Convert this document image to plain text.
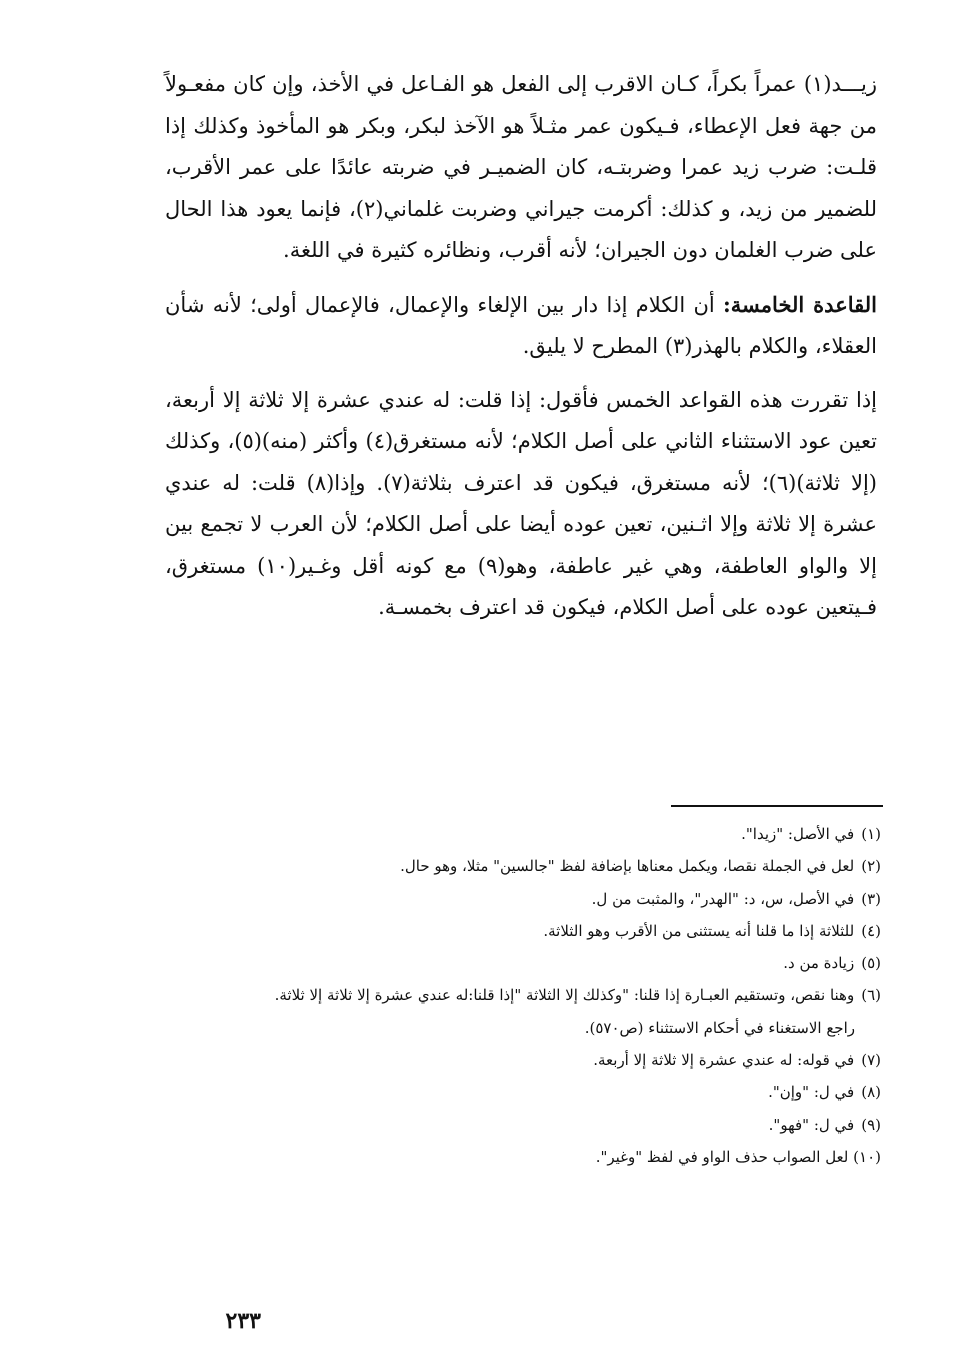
زيـــد(١) عمراً بكراً، كـان الاقرب إلى الفعل هو الفـاعل في الأخذ، وإن كان مفعـولاً من جهة فعل الإعطاء، فـيكون عمر مثـلاً هو الآخذ لبكر، وبكر هو المأخوذ وكذلك إذا قلـت: ضرب زيد عمرا وضربتـه، كان الضميـر في ضربته عائدًا على عمر الأقرب، للضمير من زيد، و كذلك: أكرمت جيراني وضربت غلماني(٢)، فإنما يعود هذا الحال على ضرب الغلمان دون الجيران؛ لأنه أقرب، ونظائره كثيرة في اللغة.

القاعدة الخامسة: أن الكلام إذا دار بين الإلغاء والإعمال، فالإعمال أولى؛ لأنه شأن العقلاء، والكلام بالهذر(٣) المطرح لا يليق.

إذا تقررت هذه القواعد الخمس فأقول: إذا قلت: له عندي عشرة إلا ثلاثة إلا أربعة، تعين عود الاستثناء الثاني على أصل الكلام؛ لأنه مستغرق(٤) وأكثر (منه)(٥)، وكذلك (إلا ثلاثة)(٦)؛ لأنه مستغرق، فيكون قد اعترف بثلاثة(٧). وإذا(٨) قلت: له عندي عشرة إلا ثلاثة وإلا اثـنين، تعين عوده أيضا على أصل الكلام؛ لأن العرب لا تجمع بين إلا والواو العاطفة، وهي غير عاطفة، وهو(٩) مع كونه أقل وغـير(١٠) مستغرق، فـيتعين عوده على أصل الكلام، فيكون قد اعترف بخمسـة.

(١) في الأصل: "زيدا".
(٢) لعل في الجملة نقصا، ويكمل معناها بإضافة لفظ "جالسين" مثلا، وهو حال.
(٣) في الأصل، س، د: "الهدر"، والمثبت من ل.
(٤) للثلاثة إذا ما قلنا أنه يستثنى من الأقرب وهو الثلاثة.
(٥) زيادة من د.
(٦) وهنا نقص، وتستقيم العبـارة إذا قلنا: "وكذلك إلا الثلاثة "إذا قلنا:له عندي عشرة إلا ثلاثة إلا ثلاثة.
راجع الاستغناء في أحكام الاستثناء (ص٥٧٠).
(٧) في قوله: له عندي عشرة إلا ثلاثة إلا أربعة.
(٨) في ل: "وإن".
(٩) في ل: "فهو".
(١٠) لعل الصواب حذف الواو في لفظ "وغير".
٢٣٣
